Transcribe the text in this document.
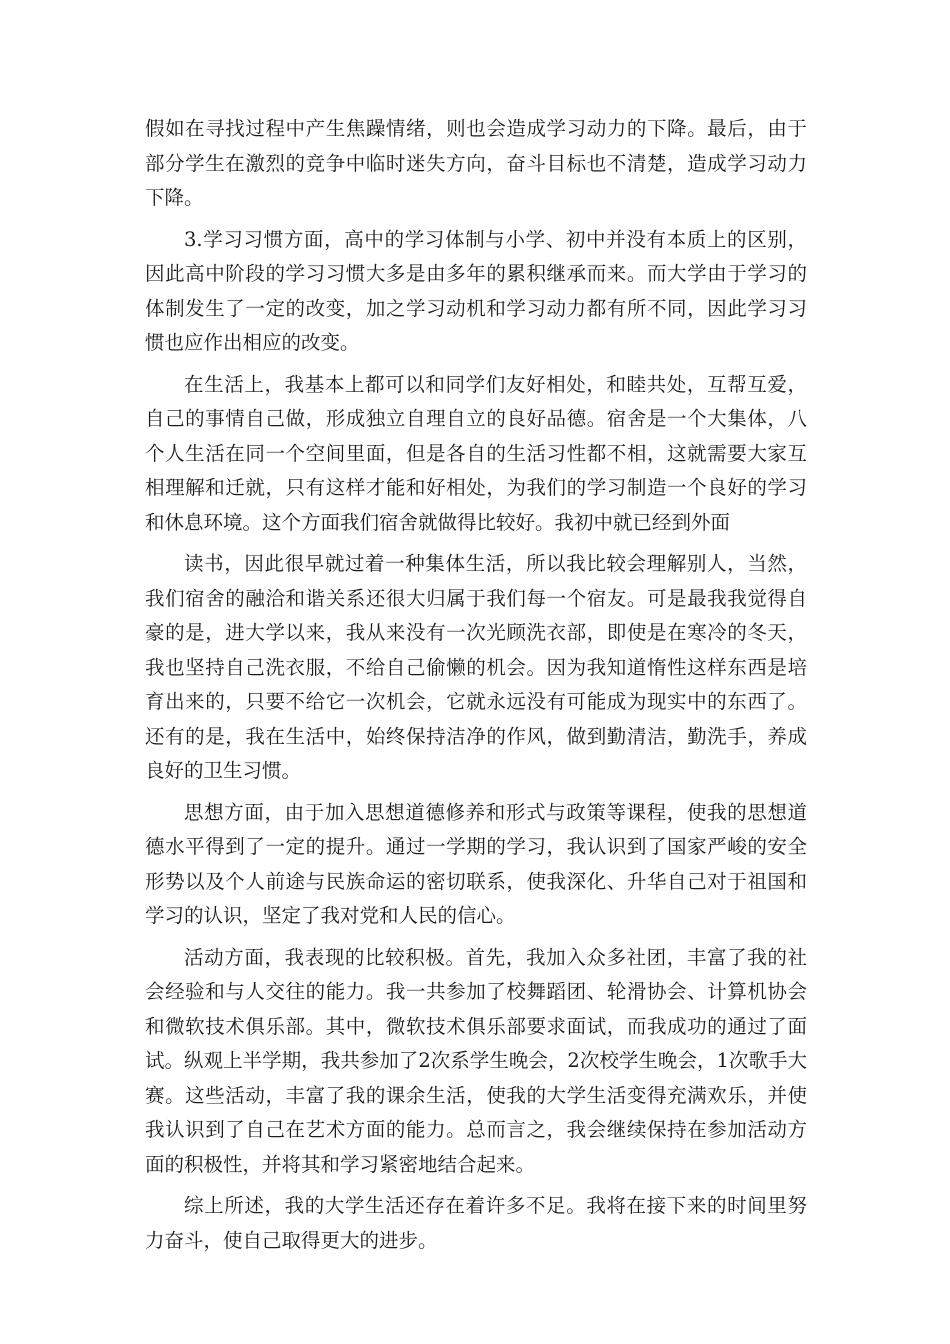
假如在寻找过程中产生焦躁情绪，则也会造成学习动力的下降。最后，由于部分学生在激烈的竞争中临时迷失方向，奋斗目标也不清楚，造成学习动力下降。

3.学习习惯方面，高中的学习体制与小学、初中并没有本质上的区别，因此高中阶段的学习习惯大多是由多年的累积继承而来。而大学由于学习的体制发生了一定的改变，加之学习动机和学习动力都有所不同，因此学习习惯也应作出相应的改变。

在生活上，我基本上都可以和同学们友好相处，和睦共处，互帮互爱，自己的事情自己做，形成独立自理自立的良好品德。宿舍是一个大集体，八个人生活在同一个空间里面，但是各自的生活习性都不相，这就需要大家互相理解和迁就，只有这样才能和好相处，为我们的学习制造一个良好的学习和休息环境。这个方面我们宿舍就做得比较好。我初中就已经到外面

读书，因此很早就过着一种集体生活，所以我比较会理解别人，当然，我们宿舍的融洽和谐关系还很大归属于我们每一个宿友。可是最我我觉得自豪的是，进大学以来，我从来没有一次光顾洗衣部，即使是在寒冷的冬天，我也坚持自己洗衣服，不给自己偷懒的机会。因为我知道惰性这样东西是培育出来的，只要不给它一次机会，它就永远没有可能成为现实中的东西了。还有的是，我在生活中，始终保持洁净的作风，做到勤清洁，勤洗手，养成良好的卫生习惯。

思想方面，由于加入思想道德修养和形式与政策等课程，使我的思想道德水平得到了一定的提升。通过一学期的学习，我认识到了国家严峻的安全形势以及个人前途与民族命运的密切联系，使我深化、升华自己对于祖国和学习的认识，坚定了我对党和人民的信心。

活动方面，我表现的比较积极。首先，我加入众多社团，丰富了我的社会经验和与人交往的能力。我一共参加了校舞蹈团、轮滑协会、计算机协会和微软技术俱乐部。其中，微软技术俱乐部要求面试，而我成功的通过了面试。纵观上半学期，我共参加了2次系学生晚会，2次校学生晚会，1次歌手大赛。这些活动，丰富了我的课余生活，使我的大学生活变得充满欢乐，并使我认识到了自己在艺术方面的能力。总而言之，我会继续保持在参加活动方面的积极性，并将其和学习紧密地结合起来。

综上所述，我的大学生活还存在着许多不足。我将在接下来的时间里努力奋斗，使自己取得更大的进步。
